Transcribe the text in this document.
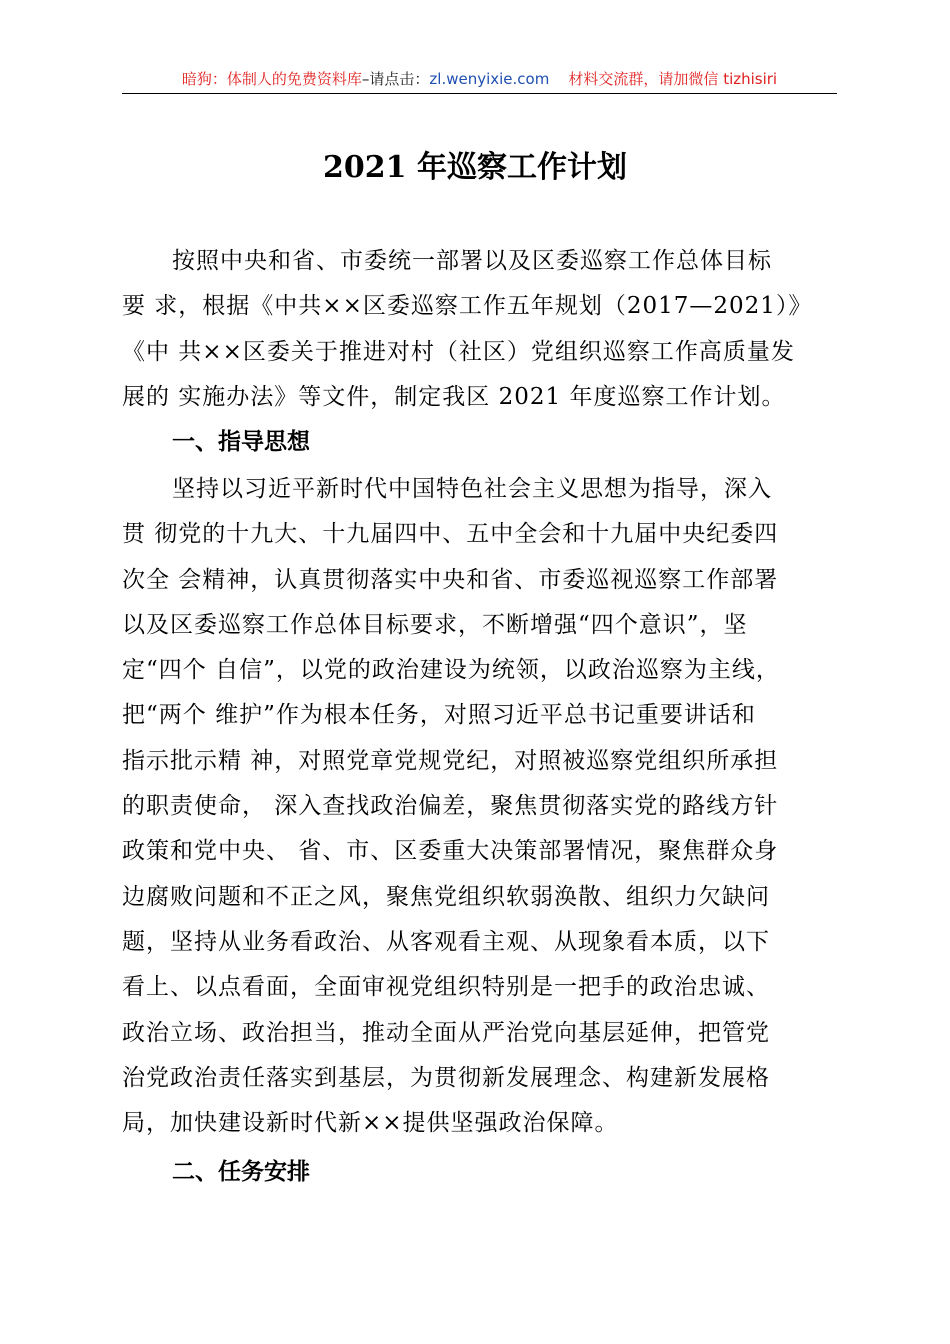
暗狗：体制人的免费资料库–请点击：zl.wenyixie.com 材料交流群，请加微信 tizhisiri
2021 年巡察工作计划
按照中央和省、市委统一部署以及区委巡察工作总体目标
要 求，根据《中共××区委巡察工作五年规划（2017—2021）》
《中 共××区委关于推进对村（社区）党组织巡察工作高质量发
展的 实施办法》等文件，制定我区 2021 年度巡察工作计划。
一、指导思想
坚持以习近平新时代中国特色社会主义思想为指导，深入
贯 彻党的十九大、十九届四中、五中全会和十九届中央纪委四
次全 会精神，认真贯彻落实中央和省、市委巡视巡察工作部署
以及区委巡察工作总体目标要求，不断增强“四个意识”，坚
定“四个 自信”，以党的政治建设为统领，以政治巡察为主线，
把“两个 维护”作为根本任务，对照习近平总书记重要讲话和
指示批示精 神，对照党章党规党纪，对照被巡察党组织所承担
的职责使命， 深入查找政治偏差，聚焦贯彻落实党的路线方针
政策和党中央、 省、市、区委重大决策部署情况，聚焦群众身
边腐败问题和不正之风，聚焦党组织软弱涣散、组织力欠缺问
题，坚持从业务看政治、从客观看主观、从现象看本质，以下
看上、以点看面，全面审视党组织特别是一把手的政治忠诚、
政治立场、政治担当，推动全面从严治党向基层延伸，把管党
治党政治责任落实到基层，为贯彻新发展理念、构建新发展格
局，加快建设新时代新××提供坚强政治保障。
二、任务安排
